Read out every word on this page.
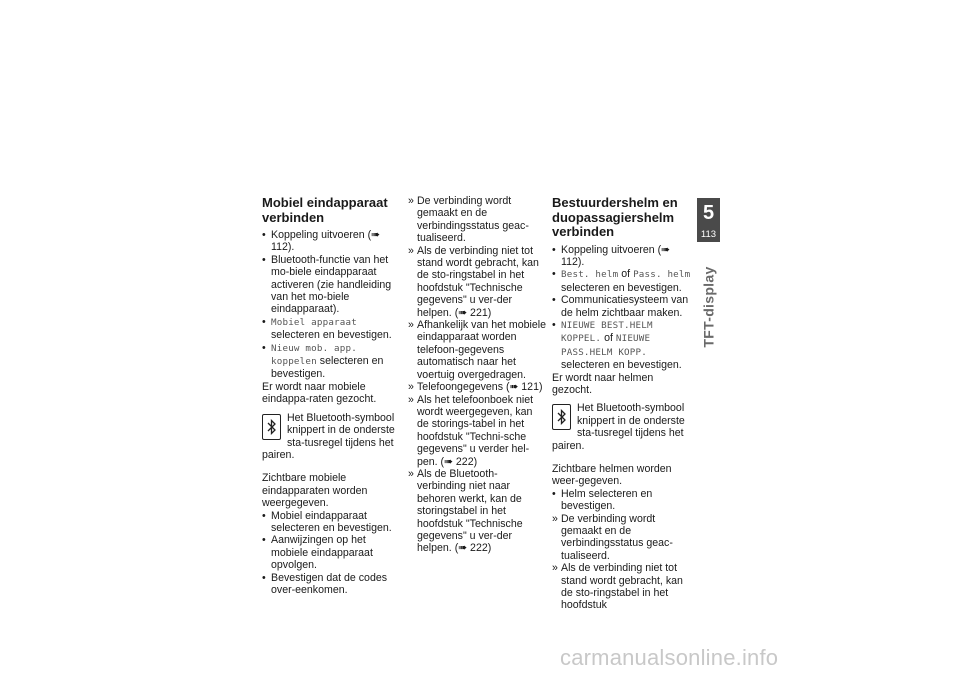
Mobiel eindapparaat verbinden
• Koppeling uitvoeren (➠ 112).
• Bluetooth-functie van het mo-biele eindapparaat activeren (zie handleiding van het mo-biele eindapparaat).
• Mobiel apparaat selecteren en bevestigen.
• Nieuw mob. app. koppelen selecteren en bevestigen.

Er wordt naar mobiele eindappa-raten gezocht.

Het Bluetooth-symbool knippert in de onderste sta-tusregel tijdens het pairen.

Zichtbare mobiele eindapparaten worden weergegeven.

• Mobiel eindapparaat selecteren en bevestigen.
• Aanwijzingen op het mobiele eindapparaat opvolgen.
• Bevestigen dat de codes over-eenkomen.
» De verbinding wordt gemaakt en de verbindingsstatus geac-tualiseerd.
» Als de verbinding niet tot stand wordt gebracht, kan de sto-ringstabel in het hoofdstuk "Technische gegevens" u ver-der helpen. (➠ 221)
» Afhankelijk van het mobiele eindapparaat worden telefoon-gegevens automatisch naar het voertuig overgedragen.
» Telefoongegevens (➠ 121)
» Als het telefoonboek niet wordt weergegeven, kan de storings-tabel in het hoofdstuk "Techni-sche gegevens" u verder hel-pen. (➠ 222)
» Als de Bluetooth-verbinding niet naar behoren werkt, kan de storingstabel in het hoofdstuk "Technische gegevens" u ver-der helpen. (➠ 222)
Bestuurdershelm en duopassagiershelm verbinden
• Koppeling uitvoeren (➠ 112).
• Best. helm of Pass. helm selecteren en bevestigen.
• Communicatiesysteem van de helm zichtbaar maken.
• NIEUWE BEST.HELM KOPPEL. of NIEUWE PASS.HELM KOPP. selecteren en bevestigen.

Er wordt naar helmen gezocht.

Het Bluetooth-symbool knippert in de onderste sta-tusregel tijdens het pairen.

Zichtbare helmen worden weer-gegeven.

• Helm selecteren en bevestigen.
» De verbinding wordt gemaakt en de verbindingsstatus geac-tualiseerd.
» Als de verbinding niet tot stand wordt gebracht, kan de sto-ringstabel in het hoofdstuk
5
113
TFT-display
carmanualsonline.info
